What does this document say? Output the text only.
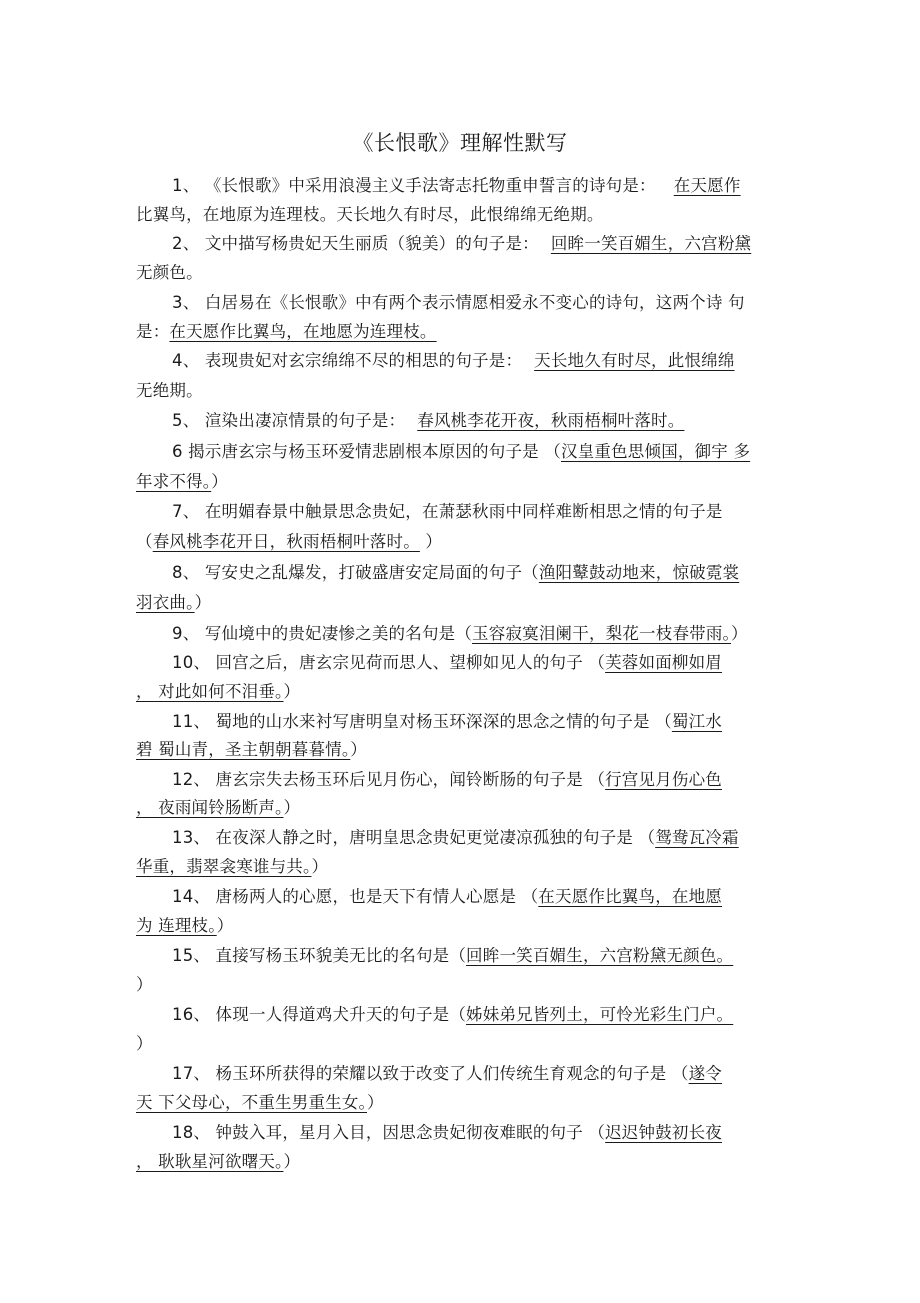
《长恨歌》理解性默写
1、 《长恨歌》中采用浪漫主义手法寄志托物重申誓言的诗句是： 在天愿作
比翼鸟，在地原为连理枝。天长地久有时尽，此恨绵绵无绝期。
2、 文中描写杨贵妃天生丽质（貌美）的句子是： 回眸一笑百媚生，六宫粉黛
无颜色。
3、 白居易在《长恨歌》中有两个表示情愿相爱永不变心的诗句，这两个诗 句
是：在天愿作比翼鸟，在地愿为连理枝。
4、 表现贵妃对玄宗绵绵不尽的相思的句子是： 天长地久有时尽，此恨绵绵
无绝期。
5、 渲染出凄凉情景的句子是： 春风桃李花开夜，秋雨梧桐叶落时。
6 揭示唐玄宗与杨玉环爱情悲剧根本原因的句子是 （汉皇重色思倾国，御宇 多
年求不得。）
7、 在明媚春景中触景思念贵妃，在萧瑟秋雨中同样难断相思之情的句子是
（春风桃李花开日，秋雨梧桐叶落时。 ）
8、 写安史之乱爆发，打破盛唐安定局面的句子（渔阳鼙鼓动地来，惊破霓裳
羽衣曲。）
9、 写仙境中的贵妃凄惨之美的名句是（玉容寂寞泪阑干，梨花一枝春带雨。）
10、 回宫之后，唐玄宗见荷而思人、望柳如见人的句子 （芙蓉如面柳如眉
， 对此如何不泪垂。）
11、 蜀地的山水来衬写唐明皇对杨玉环深深的思念之情的句子是 （蜀江水
碧 蜀山青，圣主朝朝暮暮情。）
12、 唐玄宗失去杨玉环后见月伤心，闻铃断肠的句子是 （行宫见月伤心色
， 夜雨闻铃肠断声。）
13、 在夜深人静之时，唐明皇思念贵妃更觉凄凉孤独的句子是 （鸳鸯瓦冷霜
华重，翡翠衾寒谁与共。）
14、 唐杨两人的心愿，也是天下有情人心愿是 （在天愿作比翼鸟，在地愿
为 连理枝。）
15、 直接写杨玉环貌美无比的名句是（回眸一笑百媚生，六宫粉黛无颜色。
）
16、 体现一人得道鸡犬升天的句子是（姊妹弟兄皆列土，可怜光彩生门户。
）
17、 杨玉环所获得的荣耀以致于改变了人们传统生育观念的句子是 （遂令
天 下父母心，不重生男重生女。）
18、 钟鼓入耳，星月入目，因思念贵妃彻夜难眠的句子 （迟迟钟鼓初长夜
， 耿耿星河欲曙天。）
